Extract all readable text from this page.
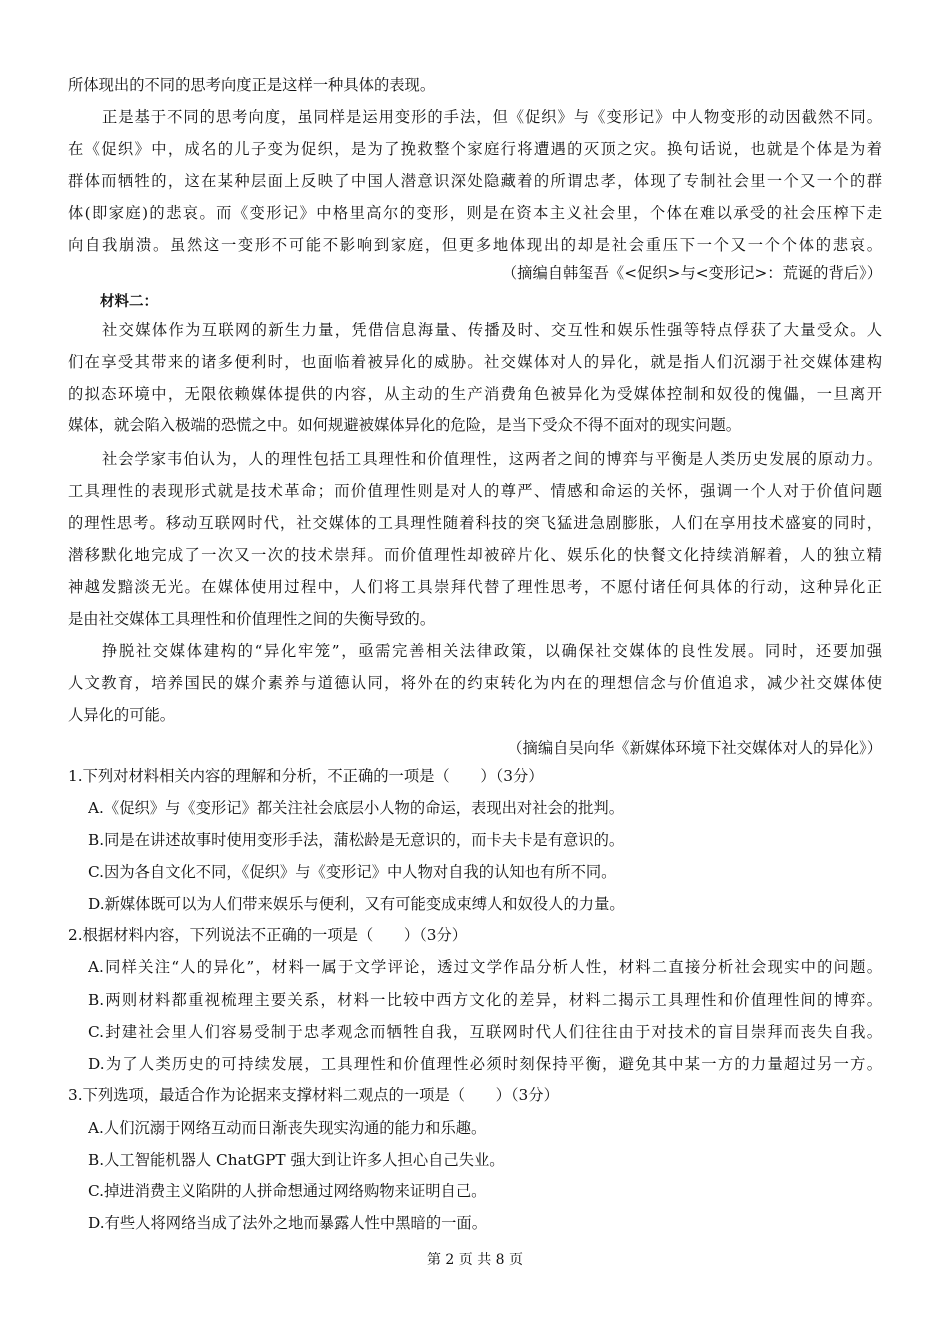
所体现出的不同的思考向度正是这样一种具体的表现。
正是基于不同的思考向度，虽同样是运用变形的手法，但《促织》与《变形记》中人物变形的动因截然不同。
在《促织》中，成名的儿子变为促织，是为了挽救整个家庭行将遭遇的灭顶之灾。换句话说，也就是个体是为着
群体而牺牲的，这在某种层面上反映了中国人潜意识深处隐藏着的所谓忠孝，体现了专制社会里一个又一个的群
体(即家庭)的悲哀。而《变形记》中格里高尔的变形，则是在资本主义社会里，个体在难以承受的社会压榨下走
向自我崩溃。虽然这一变形不可能不影响到家庭，但更多地体现出的却是社会重压下一个又一个个体的悲哀。
（摘编自韩玺吾《<促织>与<变形记>：荒诞的背后》）
材料二：
社交媒体作为互联网的新生力量，凭借信息海量、传播及时、交互性和娱乐性强等特点俘获了大量受众。人
们在享受其带来的诸多便利时，也面临着被异化的威胁。社交媒体对人的异化，就是指人们沉溺于社交媒体建构
的拟态环境中，无限依赖媒体提供的内容，从主动的生产消费角色被异化为受媒体控制和奴役的傀儡，一旦离开
媒体，就会陷入极端的恐慌之中。如何规避被媒体异化的危险，是当下受众不得不面对的现实问题。
社会学家韦伯认为，人的理性包括工具理性和价值理性，这两者之间的博弈与平衡是人类历史发展的原动力。
工具理性的表现形式就是技术革命；而价值理性则是对人的尊严、情感和命运的关怀，强调一个人对于价值问题
的理性思考。移动互联网时代，社交媒体的工具理性随着科技的突飞猛进急剧膨胀，人们在享用技术盛宴的同时，
潜移默化地完成了一次又一次的技术崇拜。而价值理性却被碎片化、娱乐化的快餐文化持续消解着，人的独立精
神越发黯淡无光。在媒体使用过程中，人们将工具崇拜代替了理性思考，不愿付诸任何具体的行动，这种异化正
是由社交媒体工具理性和价值理性之间的失衡导致的。
挣脱社交媒体建构的“异化牢笼”，亟需完善相关法律政策，以确保社交媒体的良性发展。同时，还要加强
人文教育，培养国民的媒介素养与道德认同，将外在的约束转化为内在的理想信念与价值追求，减少社交媒体使
人异化的可能。
（摘编自吴向华《新媒体环境下社交媒体对人的异化》）
1.下列对材料相关内容的理解和分析，不正确的一项是（　　）（3分）
A.《促织》与《变形记》都关注社会底层小人物的命运，表现出对社会的批判。
B.同是在讲述故事时使用变形手法，蒲松龄是无意识的，而卡夫卡是有意识的。
C.因为各自文化不同，《促织》与《变形记》中人物对自我的认知也有所不同。
D.新媒体既可以为人们带来娱乐与便利，又有可能变成束缚人和奴役人的力量。
2.根据材料内容，下列说法不正确的一项是（　　）（3分）
A.同样关注“人的异化”，材料一属于文学评论，透过文学作品分析人性，材料二直接分析社会现实中的问题。
B.两则材料都重视梳理主要关系，材料一比较中西方文化的差异，材料二揭示工具理性和价值理性间的博弈。
C.封建社会里人们容易受制于忠孝观念而牺牲自我，互联网时代人们往往由于对技术的盲目崇拜而丧失自我。
D.为了人类历史的可持续发展，工具理性和价值理性必须时刻保持平衡，避免其中某一方的力量超过另一方。
3.下列选项，最适合作为论据来支撑材料二观点的一项是（　　）（3分）
A.人们沉溺于网络互动而日渐丧失现实沟通的能力和乐趣。
B.人工智能机器人 ChatGPT 强大到让许多人担心自己失业。
C.掉进消费主义陷阱的人拼命想通过网络购物来证明自己。
D.有些人将网络当成了法外之地而暴露人性中黑暗的一面。
第 2 页 共 8 页
